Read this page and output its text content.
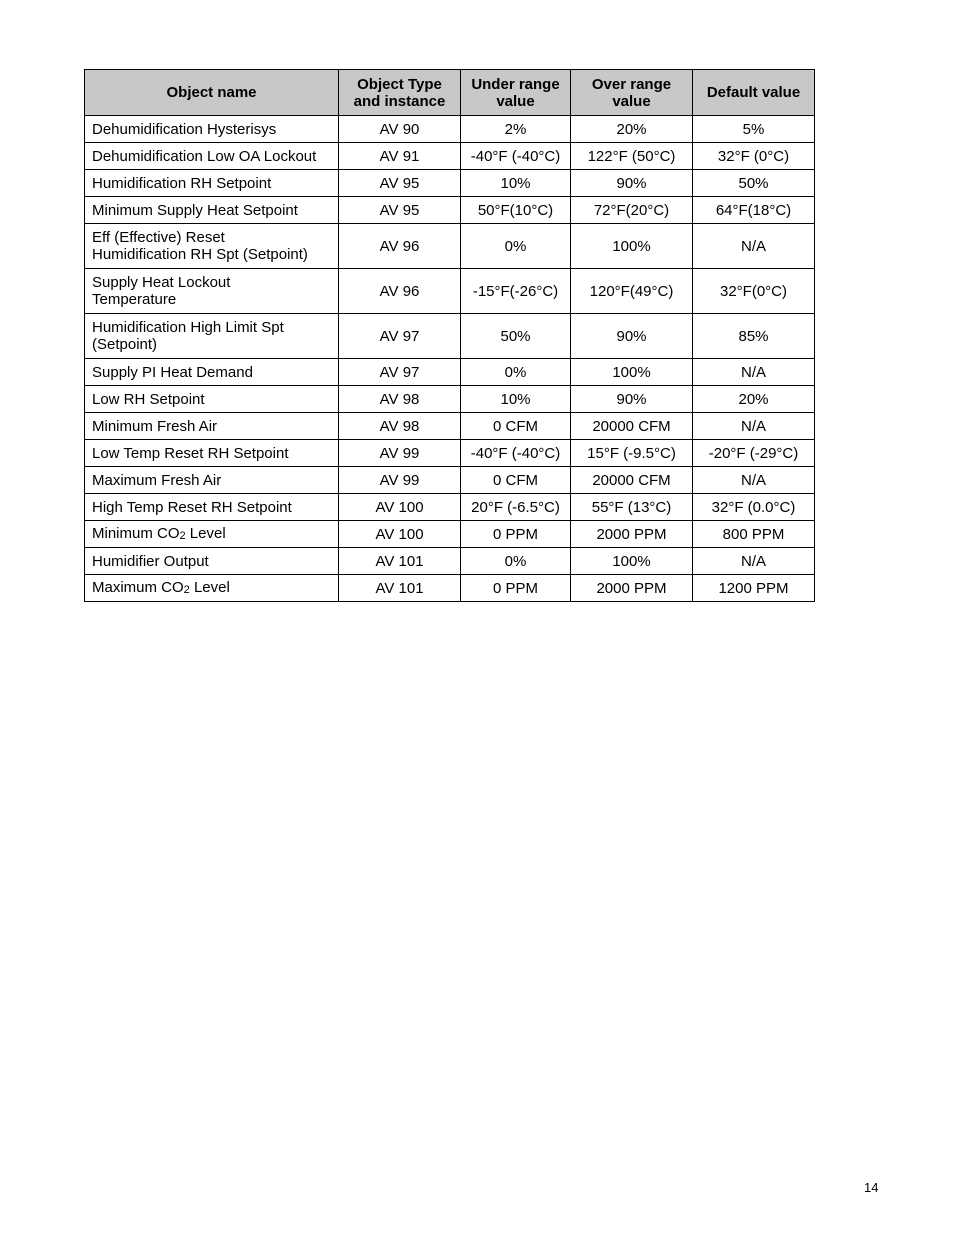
Object name	Object Type and instance	Under range value	Over range value	Default value
Dehumidification Hysterisys	AV 90	2%	20%	5%
Dehumidification Low OA Lockout	AV 91	-40°F (-40°C)	122°F (50°C)	32°F (0°C)
Humidification RH Setpoint	AV 95	10%	90%	50%
Minimum Supply Heat Setpoint	AV 95	50°F(10°C)	72°F(20°C)	64°F(18°C)
Eff (Effective) Reset
Humidification RH Spt (Setpoint)	AV 96	0%	100%	N/A
Supply Heat Lockout
Temperature	AV 96	-15°F(-26°C)	120°F(49°C)	32°F(0°C)
Humidification High Limit Spt
(Setpoint)	AV 97	50%	90%	85%
Supply PI Heat Demand	AV 97	0%	100%	N/A
Low RH Setpoint	AV 98	10%	90%	20%
Minimum Fresh Air	AV 98	0 CFM	20000 CFM	N/A
Low Temp Reset RH Setpoint	AV 99	-40°F (-40°C)	15°F (-9.5°C)	-20°F (-29°C)
Maximum Fresh Air	AV 99	0 CFM	20000 CFM	N/A
High Temp Reset RH Setpoint	AV 100	20°F (-6.5°C)	55°F (13°C)	32°F (0.0°C)
Minimum $CO_2$ Level	AV 100	0 PPM	2000 PPM	800 PPM
Humidifier Output	AV 101	0%	100%	N/A
Maximum $CO_2$ Level	AV 101	0 PPM	2000 PPM	1200 PPM
14
